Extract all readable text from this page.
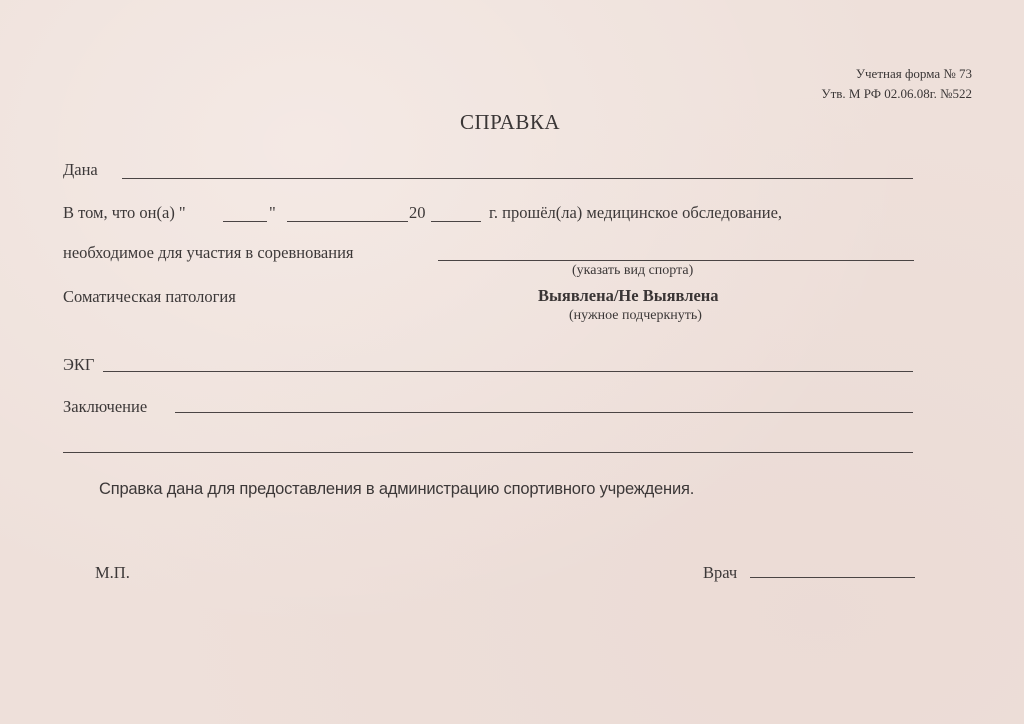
Учетная форма № 73
Утв. М РФ 02.06.08г. №522
СПРАВКА
Дана
В том, что он(а) "	"	20	г. прошёл(ла) медицинское обследование,
необходимое для участия в соревнования
(указать вид спорта)
Соматическая патология	Выявлена/Не Выявлена
(нужное подчеркнуть)
ЭКГ
Заключение
Справка дана для предоставления в администрацию спортивного учреждения.
М.П.	Врач
